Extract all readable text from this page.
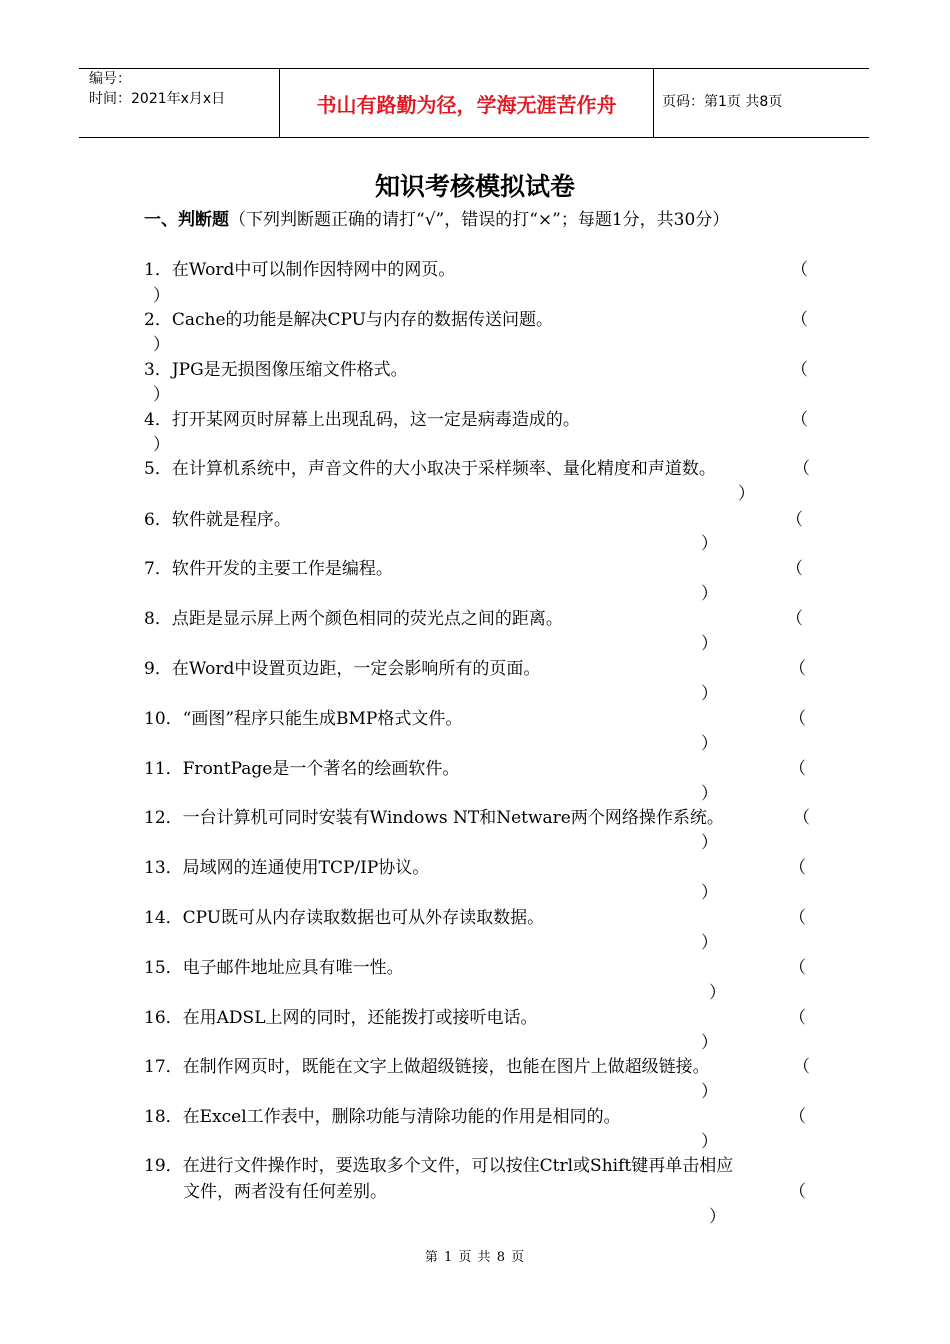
编号：
时间：2021年x月x日	书山有路勤为径，学海无涯苦作舟	页码：第1页 共8页
知识考核模拟试卷
一、判断题（下列判断题正确的请打“√”，错误的打“×”；每题1分，共30分）
1．在Word中可以制作因特网中的网页。	（
）
2．Cache的功能是解决CPU与内存的数据传送问题。	（
）
3．JPG是无损图像压缩文件格式。	（
）
4．打开某网页时屏幕上出现乱码，这一定是病毒造成的。	（
）
5．在计算机系统中，声音文件的大小取决于采样频率、量化精度和声道数。	（
）
6．软件就是程序。	（
）
7．软件开发的主要工作是编程。	（
）
8．点距是显示屏上两个颜色相同的荧光点之间的距离。	（
）
9．在Word中设置页边距，一定会影响所有的页面。	（
）
10．“画图”程序只能生成BMP格式文件。	（
）
11．FrontPage是一个著名的绘画软件。	（
）
12．一台计算机可同时安装有Windows NT和Netware两个网络操作系统。	（
）
13．局域网的连通使用TCP/IP协议。	（
）
14．CPU既可从内存读取数据也可从外存读取数据。	（
）
15．电子邮件地址应具有唯一性。	（
）
16．在用ADSL上网的同时，还能拨打或接听电话。	（
）
17．在制作网页时，既能在文字上做超级链接，也能在图片上做超级链接。	（
）
18．在Excel工作表中，删除功能与清除功能的作用是相同的。	（
）
19．在进行文件操作时，要选取多个文件，可以按住Ctrl或Shift键再单击相应
文件，两者没有任何差别。	（
）
第 1 页 共 8 页
